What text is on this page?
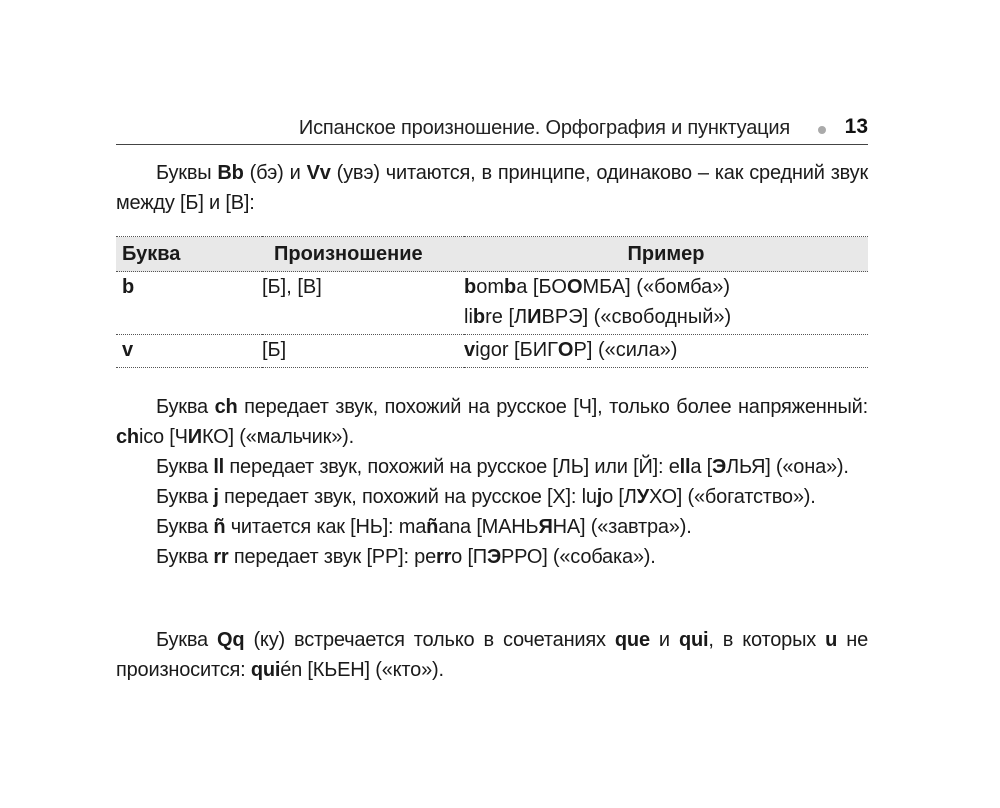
Испанское произношение. Орфография и пунктуация	13

Буквы Bb (бэ) и Vv (увэ) читаются, в принципе, одинаково – как средний звук между [Б] и [В]:

Буква	Произношение	Пример
b	[Б], [В]	bomba [БООМБА] («бомба»)
		libre [ЛИВРЭ] («свободный»)
v	[Б]	vigor [БИГОР] («сила»)

Буква ch передает звук, похожий на русское [Ч], только более напряженный: chico [ЧИКО] («мальчик»).

Буква ll передает звук, похожий на русское [ЛЬ] или [Й]: ella [ЭЛЬЯ] («она»).

Буква j передает звук, похожий на русское [Х]: lujo [ЛУХО] («богатство»).

Буква ñ читается как [НЬ]: mañana [МАНЬЯНА] («завтра»).

Буква rr передает звук [РР]: perro [ПЭРРО] («собака»).

Буква Qq (ку) встречается только в сочетаниях que и qui, в которых u не произносится: quién [КЬЕН] («кто»).
